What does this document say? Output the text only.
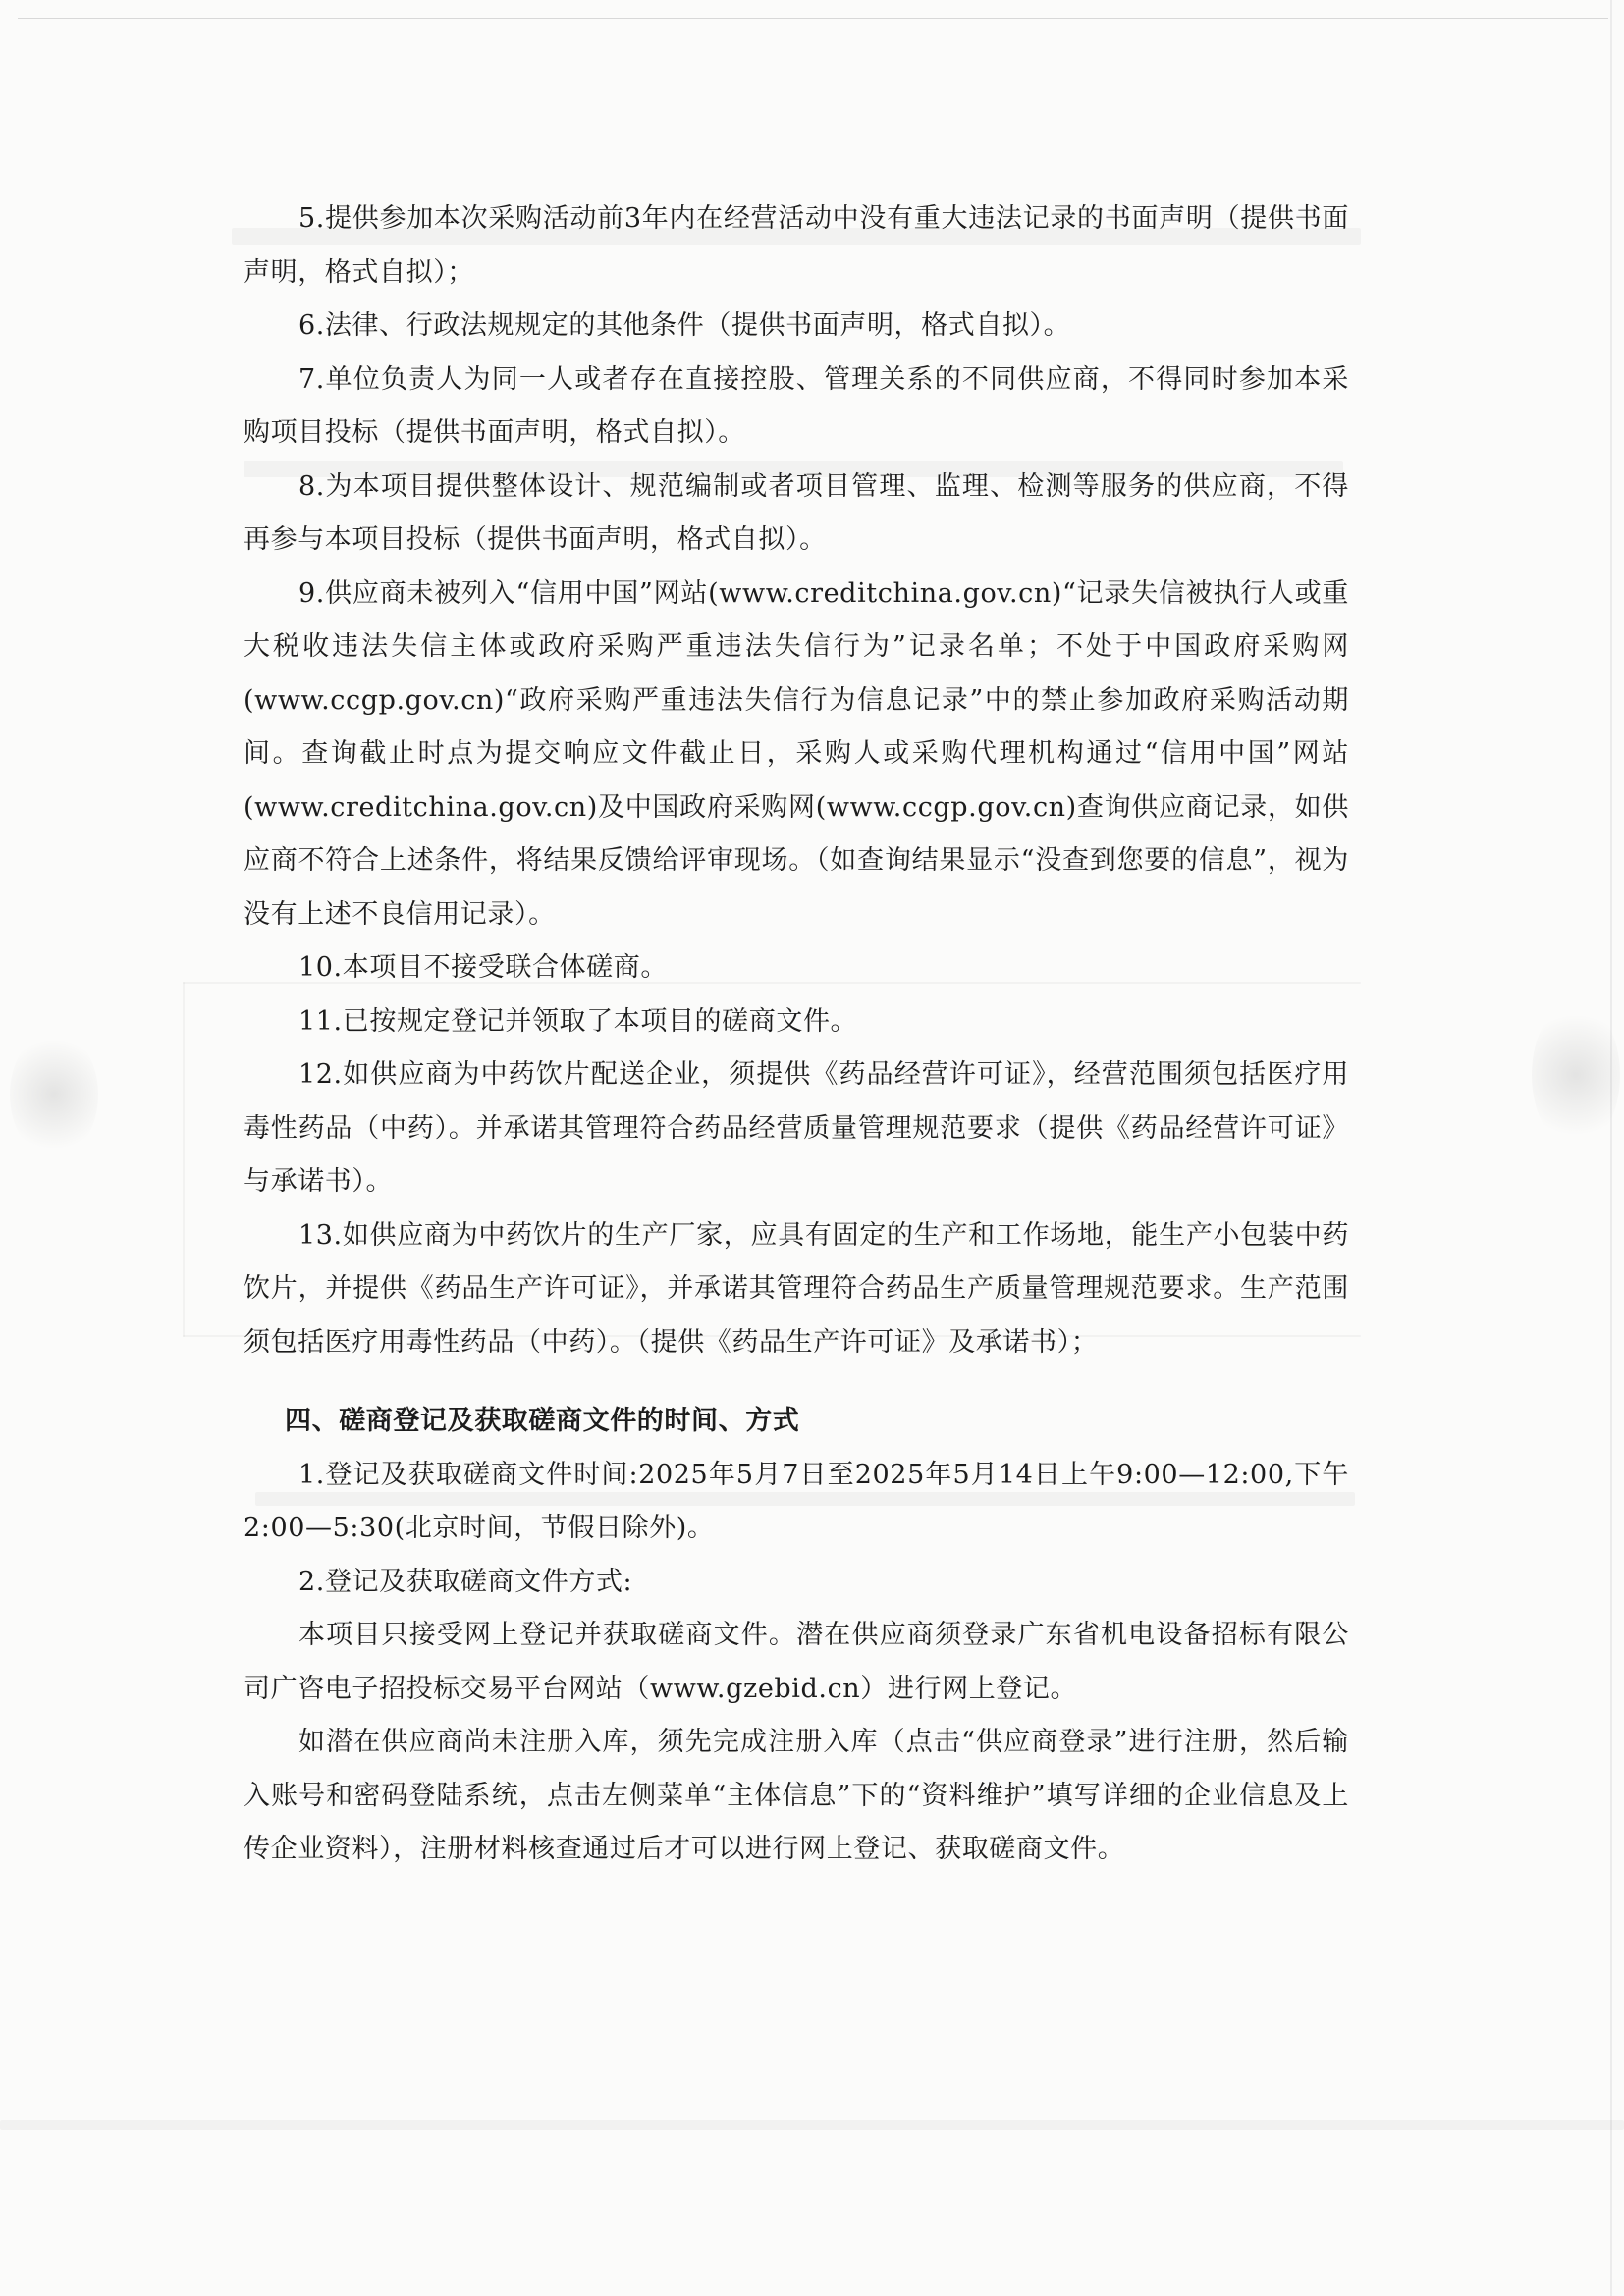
5.提供参加本次采购活动前3年内在经营活动中没有重大违法记录的书面声明（提供书面声明，格式自拟）；

6.法律、行政法规规定的其他条件（提供书面声明，格式自拟）。

7.单位负责人为同一人或者存在直接控股、管理关系的不同供应商，不得同时参加本采购项目投标（提供书面声明，格式自拟）。

8.为本项目提供整体设计、规范编制或者项目管理、监理、检测等服务的供应商，不得再参与本项目投标（提供书面声明，格式自拟）。

9.供应商未被列入“信用中国”网站(www.creditchina.gov.cn)“记录失信被执行人或重大税收违法失信主体或政府采购严重违法失信行为”记录名单；不处于中国政府采购网(www.ccgp.gov.cn)“政府采购严重违法失信行为信息记录”中的禁止参加政府采购活动期间。查询截止时点为提交响应文件截止日，采购人或采购代理机构通过“信用中国”网站(www.creditchina.gov.cn)及中国政府采购网(www.ccgp.gov.cn)查询供应商记录，如供应商不符合上述条件，将结果反馈给评审现场。（如查询结果显示“没查到您要的信息”，视为没有上述不良信用记录）。

10.本项目不接受联合体磋商。

11.已按规定登记并领取了本项目的磋商文件。

12.如供应商为中药饮片配送企业，须提供《药品经营许可证》，经营范围须包括医疗用毒性药品（中药）。并承诺其管理符合药品经营质量管理规范要求（提供《药品经营许可证》与承诺书）。

13.如供应商为中药饮片的生产厂家，应具有固定的生产和工作场地，能生产小包装中药饮片，并提供《药品生产许可证》，并承诺其管理符合药品生产质量管理规范要求。生产范围须包括医疗用毒性药品（中药）。（提供《药品生产许可证》及承诺书）；

四、磋商登记及获取磋商文件的时间、方式

1.登记及获取磋商文件时间:2025年5月7日至2025年5月14日上午9:00—12:00,下午2:00—5:30(北京时间，节假日除外)。

2.登记及获取磋商文件方式:

本项目只接受网上登记并获取磋商文件。潜在供应商须登录广东省机电设备招标有限公司广咨电子招投标交易平台网站（www.gzebid.cn）进行网上登记。

如潜在供应商尚未注册入库，须先完成注册入库（点击“供应商登录”进行注册，然后输入账号和密码登陆系统，点击左侧菜单“主体信息”下的“资料维护”填写详细的企业信息及上传企业资料），注册材料核查通过后才可以进行网上登记、获取磋商文件。
